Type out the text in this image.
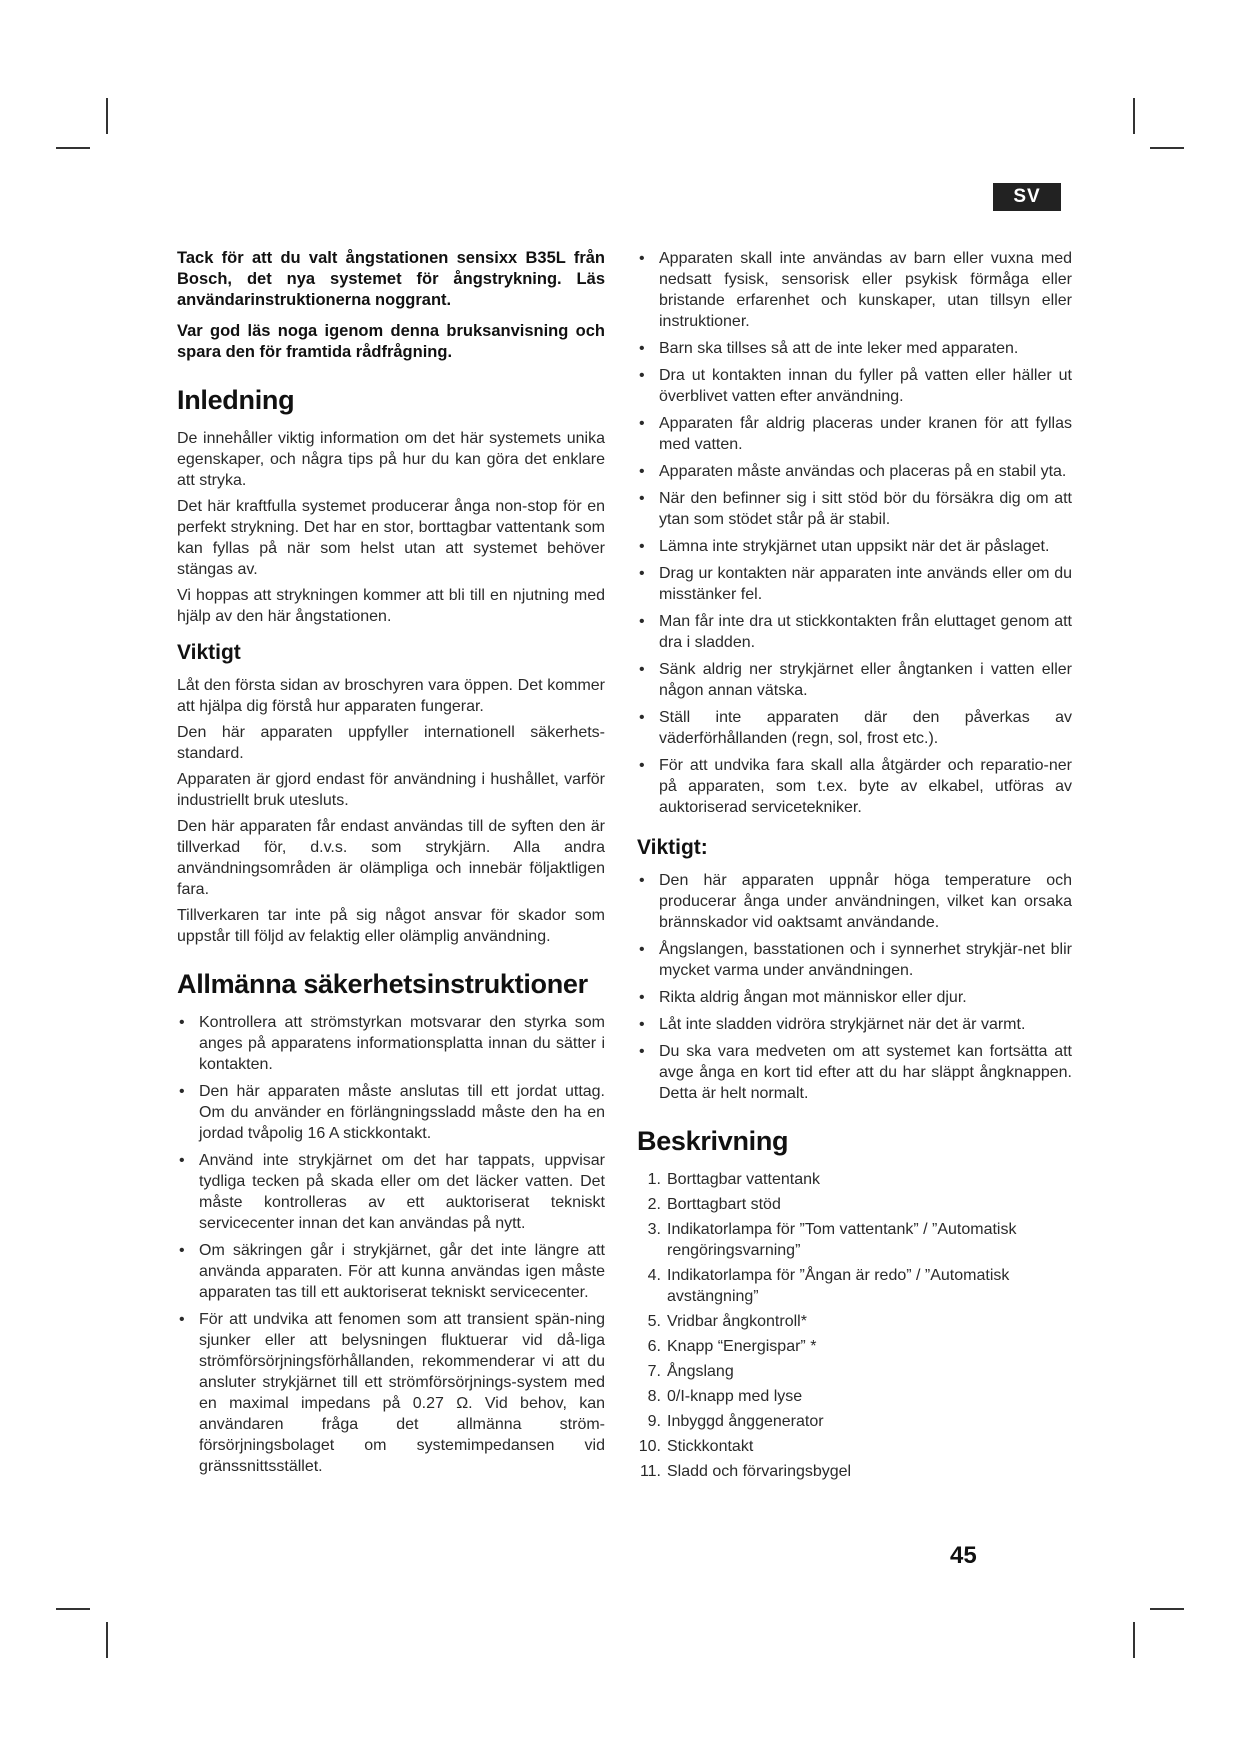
SV

Tack för att du valt ångstationen sensixx B35L från Bosch, det nya systemet för ångstrykning. Läs användarinstruktionerna noggrant.

Var god läs noga igenom denna bruksanvisning och spara den för framtida rådfrågning.

Inledning

De innehåller viktig information om det här systemets unika egenskaper, och några tips på hur du kan göra det enklare att stryka.

Det här kraftfulla systemet producerar ånga non-stop för en perfekt strykning. Det har en stor, borttagbar vattentank som kan fyllas på när som helst utan att systemet behöver stängas av.

Vi hoppas att strykningen kommer att bli till en njutning med hjälp av den här ångstationen.

Viktigt

Låt den första sidan av broschyren vara öppen. Det kommer att hjälpa dig förstå hur apparaten fungerar.

Den här apparaten uppfyller internationell säkerhets-standard.

Apparaten är gjord endast för användning i hushållet, varför industriellt bruk utesluts.

Den här apparaten får endast användas till de syften den är tillverkad för, d.v.s. som strykjärn. Alla andra användningsområden är olämpliga och innebär följaktligen fara.

Tillverkaren tar inte på sig något ansvar för skador som uppstår till följd av felaktig eller olämplig användning.

Allmänna säkerhetsinstruktioner
• Kontrollera att strömstyrkan motsvarar den styrka som anges på apparatens informationsplatta innan du sätter i kontakten.
• Den här apparaten måste anslutas till ett jordat uttag. Om du använder en förlängningssladd måste den ha en jordad tvåpolig 16 A stickkontakt.
• Använd inte strykjärnet om det har tappats, uppvisar tydliga tecken på skada eller om det läcker vatten. Det måste kontrolleras av ett auktoriserat tekniskt servicecenter innan det kan användas på nytt.
• Om säkringen går i strykjärnet, går det inte längre att använda apparaten. För att kunna användas igen måste apparaten tas till ett auktoriserat tekniskt servicecenter.
• För att undvika att fenomen som att transient spän-ning sjunker eller att belysningen fluktuerar vid då-liga strömförsörjningsförhållanden, rekommenderar vi att du ansluter strykjärnet till ett strömförsörjnings-system med en maximal impedans på 0.27 Ω. Vid behov, kan användaren fråga det allmänna ström-försörjningsbolaget om systemimpedansen vid gränssnittsstället.
• Apparaten skall inte användas av barn eller vuxna med nedsatt fysisk, sensorisk eller psykisk förmåga eller bristande erfarenhet och kunskaper, utan tillsyn eller instruktioner.
• Barn ska tillses så att de inte leker med apparaten.
• Dra ut kontakten innan du fyller på vatten eller häller ut överblivet vatten efter användning.
• Apparaten får aldrig placeras under kranen för att fyllas med vatten.
• Apparaten måste användas och placeras på en stabil yta.
• När den befinner sig i sitt stöd bör du försäkra dig om att ytan som stödet står på är stabil.
• Lämna inte strykjärnet utan uppsikt när det är påslaget.
• Drag ur kontakten när apparaten inte används eller om du misstänker fel.
• Man får inte dra ut stickkontakten från eluttaget genom att dra i sladden.
• Sänk aldrig ner strykjärnet eller ångtanken i vatten eller någon annan vätska.
• Ställ inte apparaten där den påverkas av väderförhållanden (regn, sol, frost etc.).
• För att undvika fara skall alla åtgärder och reparatio-ner på apparaten, som t.ex. byte av elkabel, utföras av auktoriserad servicetekniker.
Viktigt:
• Den här apparaten uppnår höga temperature och producerar ånga under användningen, vilket kan orsaka brännskador vid oaktsamt användande.
• Ångslangen, basstationen och i synnerhet strykjär-net blir mycket varma under användningen.
• Rikta aldrig ångan mot människor eller djur.
• Låt inte sladden vidröra strykjärnet när det är varmt.
• Du ska vara medveten om att systemet kan fortsätta att avge ånga en kort tid efter att du har släppt ångknappen. Detta är helt normalt.
Beskrivning
1. Borttagbar vattentank
2. Borttagbart stöd
3. Indikatorlampa för ”Tom vattentank” / ”Automatisk rengöringsvarning”
4. Indikatorlampa för ”Ångan är redo” / ”Automatisk avstängning”
5. Vridbar ångkontroll*
6. Knapp “Energispar” *
7. Ångslang
8. 0/I-knapp med lyse
9. Inbyggd ånggenerator
10. Stickkontakt
11. Sladd och förvaringsbygel
45
